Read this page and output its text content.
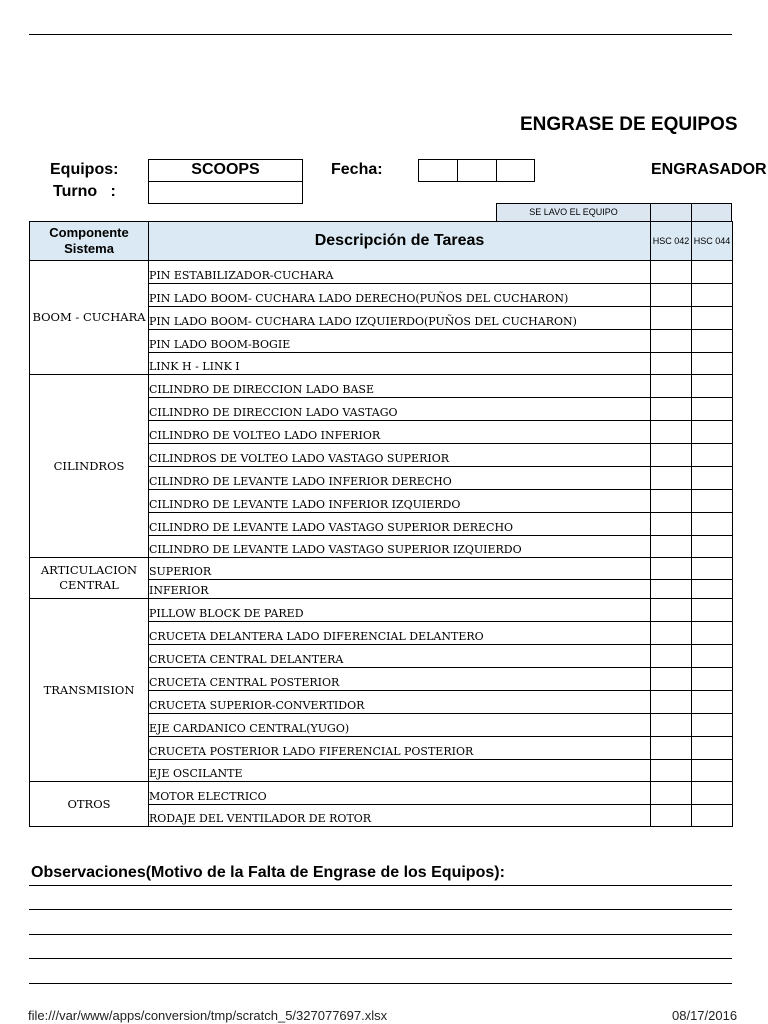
ENGRASE DE EQUIPOS
Equipos:	SCOOPS
Turno   :
Fecha:	ENGRASADOR
SE LAVO EL EQUIPO
Componente Sistema	Descripción de Tareas	HSC 042	HSC 044
BOOM - CUCHARA	PIN ESTABILIZADOR-CUCHARA		
	PIN LADO BOOM- CUCHARA LADO DERECHO(PUÑOS DEL CUCHARON)		
	PIN LADO BOOM- CUCHARA LADO IZQUIERDO(PUÑOS DEL CUCHARON)		
	PIN LADO BOOM-BOGIE		
	LINK H - LINK I		
CILINDROS	CILINDRO DE DIRECCION LADO BASE		
	CILINDRO DE DIRECCION LADO VASTAGO		
	CILINDRO DE VOLTEO LADO INFERIOR		
	CILINDROS DE VOLTEO LADO VASTAGO SUPERIOR		
	CILINDRO DE LEVANTE LADO INFERIOR DERECHO		
	CILINDRO DE LEVANTE LADO INFERIOR IZQUIERDO		
	CILINDRO DE LEVANTE LADO VASTAGO SUPERIOR DERECHO		
	CILINDRO DE LEVANTE LADO VASTAGO SUPERIOR IZQUIERDO		
ARTICULACION CENTRAL	SUPERIOR		
	INFERIOR		
TRANSMISION	PILLOW BLOCK DE PARED		
	CRUCETA DELANTERA LADO DIFERENCIAL DELANTERO		
	CRUCETA CENTRAL DELANTERA		
	CRUCETA CENTRAL POSTERIOR		
	CRUCETA SUPERIOR-CONVERTIDOR		
	EJE CARDANICO CENTRAL(YUGO)		
	CRUCETA POSTERIOR LADO FIFERENCIAL POSTERIOR		
	EJE OSCILANTE		
OTROS	MOTOR ELECTRICO		
	RODAJE DEL VENTILADOR DE ROTOR		
Observaciones(Motivo de la Falta de Engrase de los Equipos):
file:///var/www/apps/conversion/tmp/scratch_5/327077697.xlsx	08/17/2016
